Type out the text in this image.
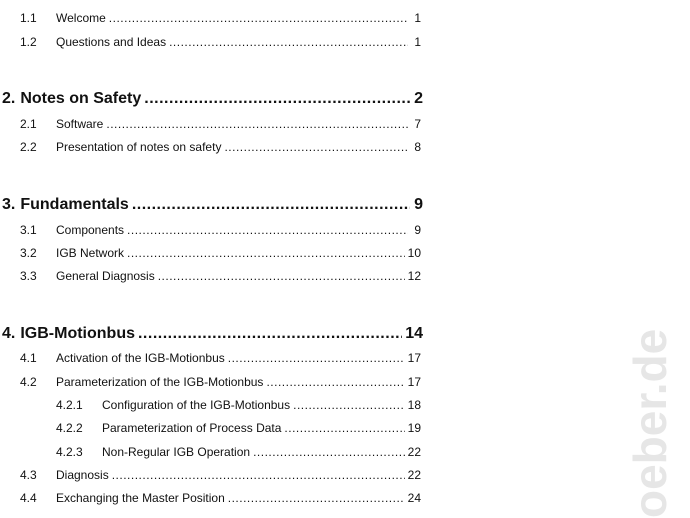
1.1	Welcome .....	1
1.2	Questions and Ideas .....	1
2. Notes on Safety .....	2
2.1	Software .....	7
2.2	Presentation of notes on safety .....	8
3. Fundamentals .....	9
3.1	Components .....	9
3.2	IGB Network .....	10
3.3	General Diagnosis .....	12
4. IGB-Motionbus .....	14
4.1	Activation of the IGB-Motionbus .....	17
4.2	Parameterization of the IGB-Motionbus .....	17
4.2.1	Configuration of the IGB-Motionbus .....	18
4.2.2	Parameterization of Process Data .....	19
4.2.3	Non-Regular IGB Operation .....	22
4.3	Diagnosis .....	22
4.4	Exchanging the Master Position .....	24	oeber.de
